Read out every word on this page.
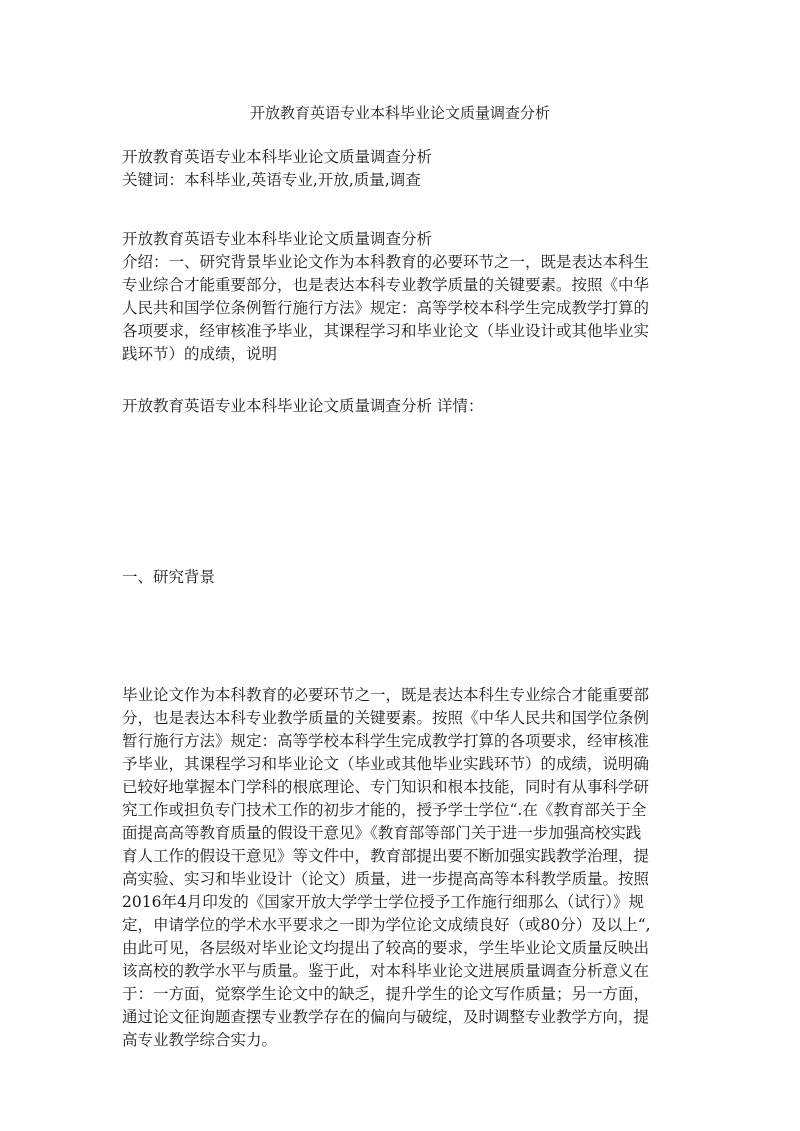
开放教育英语专业本科毕业论文质量调查分析
开放教育英语专业本科毕业论文质量调查分析
关键词：本科毕业,英语专业,开放,质量,调查
开放教育英语专业本科毕业论文质量调查分析
介绍：一、研究背景毕业论文作为本科教育的必要环节之一，既是表达本科生
专业综合才能重要部分，也是表达本科专业教学质量的关键要素。按照《中华
人民共和国学位条例暂行施行方法》规定：高等学校本科学生完成教学打算的
各项要求，经审核准予毕业，其课程学习和毕业论文（毕业设计或其他毕业实
践环节）的成绩，说明
开放教育英语专业本科毕业论文质量调查分析 详情：
一、研究背景
毕业论文作为本科教育的必要环节之一，既是表达本科生专业综合才能重要部
分，也是表达本科专业教学质量的关键要素。按照《中华人民共和国学位条例
暂行施行方法》规定：高等学校本科学生完成教学打算的各项要求，经审核准
予毕业，其课程学习和毕业论文（毕业或其他毕业实践环节）的成绩，说明确
已较好地掌握本门学科的根底理论、专门知识和根本技能，同时有从事科学研
究工作或担负专门技术工作的初步才能的，授予学士学位“.在《教育部关于全
面提高高等教育质量的假设干意见》《教育部等部门关于进一步加强高校实践
育人工作的假设干意见》等文件中，教育部提出要不断加强实践教学治理，提
高实验、实习和毕业设计（论文）质量，进一步提高高等本科教学质量。按照
2016年4月印发的《国家开放大学学士学位授予工作施行细那么（试行）》规
定，申请学位的学术水平要求之一即为学位论文成绩良好（或80分）及以上“,
由此可见，各层级对毕业论文均提出了较高的要求，学生毕业论文质量反映出
该高校的教学水平与质量。鉴于此，对本科毕业论文进展质量调查分析意义在
于：一方面，觉察学生论文中的缺乏，提升学生的论文写作质量；另一方面，
通过论文征询题查摆专业教学存在的偏向与破绽，及时调整专业教学方向，提
高专业教学综合实力。
